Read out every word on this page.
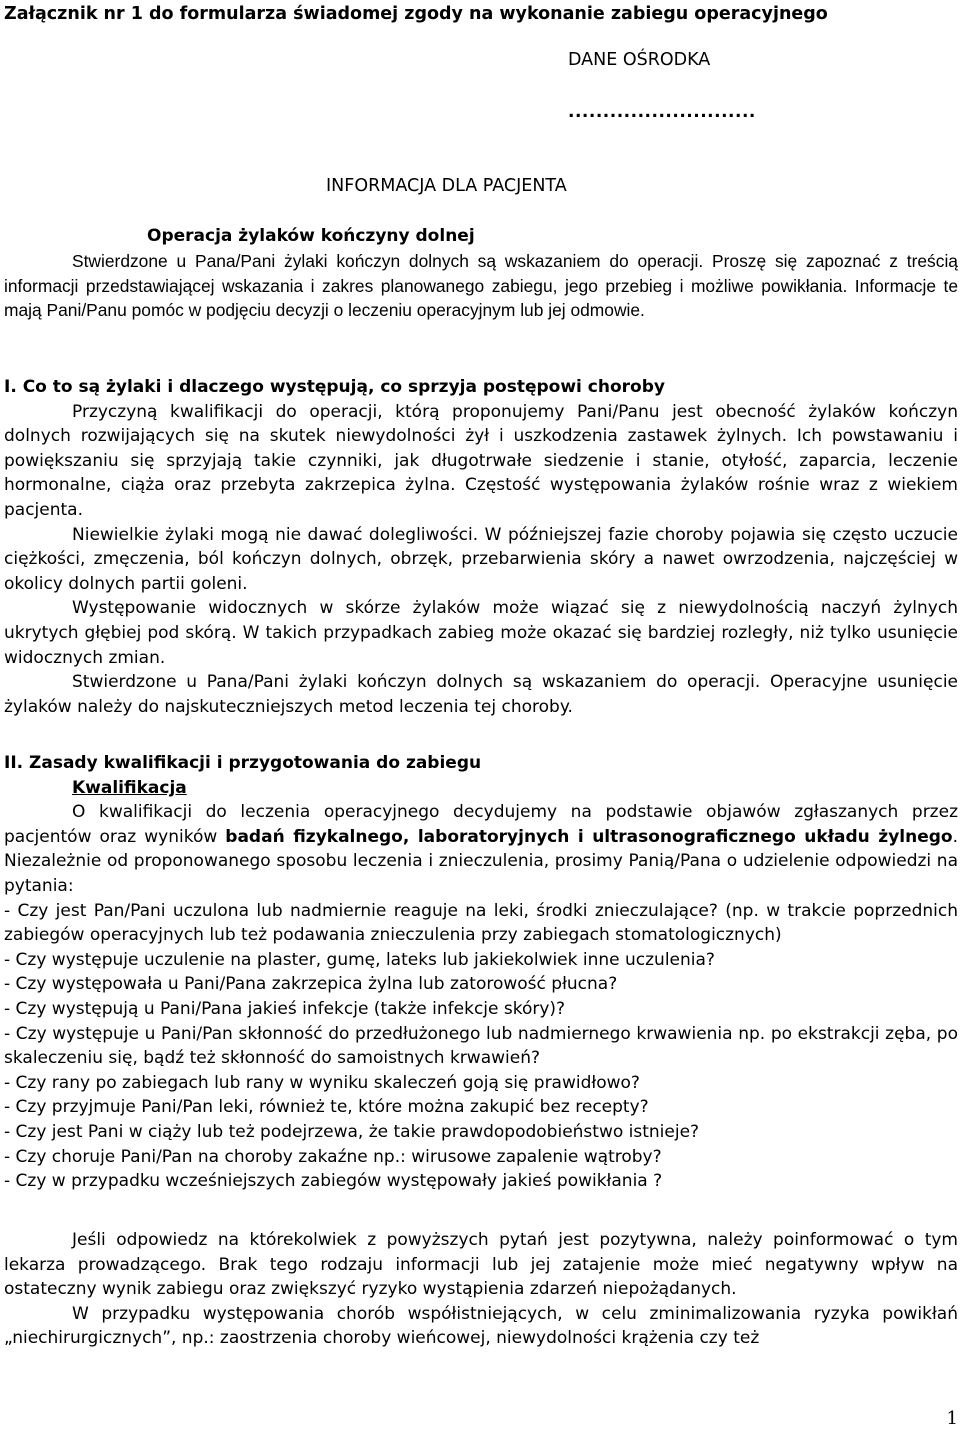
Załącznik nr 1 do formularza świadomej zgody na wykonanie zabiegu operacyjnego
DANE OŚRODKA
...........................
INFORMACJA DLA PACJENTA
Operacja żylaków kończyny dolnej
Stwierdzone u Pana/Pani żylaki kończyn dolnych są wskazaniem do operacji. Proszę się zapoznać z treścią informacji przedstawiającej wskazania i zakres planowanego zabiegu, jego przebieg i możliwe powikłania. Informacje te mają Pani/Panu pomóc w podjęciu decyzji o leczeniu operacyjnym lub jej odmowie.

I. Co to są żylaki i dlaczego występują, co sprzyja postępowi choroby

Przyczyną kwalifikacji do operacji, którą proponujemy Pani/Panu jest obecność żylaków kończyn dolnych rozwijających się na skutek niewydolności żył i uszkodzenia zastawek żylnych. Ich powstawaniu i powiększaniu się sprzyjają takie czynniki, jak długotrwałe siedzenie i stanie, otyłość, zaparcia, leczenie hormonalne, ciąża oraz przebyta zakrzepica żylna. Częstość występowania żylaków rośnie wraz z wiekiem pacjenta.

Niewielkie żylaki mogą nie dawać dolegliwości. W późniejszej fazie choroby pojawia się często uczucie ciężkości, zmęczenia, ból kończyn dolnych, obrzęk, przebarwienia skóry a nawet owrzodzenia, najczęściej w okolicy dolnych partii goleni.

Występowanie widocznych w skórze żylaków może wiązać się z niewydolnością naczyń żylnych ukrytych głębiej pod skórą. W takich przypadkach zabieg może okazać się bardziej rozległy, niż tylko usunięcie widocznych zmian.

Stwierdzone u Pana/Pani żylaki kończyn dolnych są wskazaniem do operacji. Operacyjne usunięcie żylaków należy do najskuteczniejszych metod leczenia tej choroby.

II. Zasady kwalifikacji i przygotowania do zabiegu

Kwalifikacja

O kwalifikacji do leczenia operacyjnego decydujemy na podstawie objawów zgłaszanych przez pacjentów oraz wyników badań fizykalnego, laboratoryjnych i ultrasonograficznego układu żylnego. Niezależnie od proponowanego sposobu leczenia i znieczulenia, prosimy Panią/Pana o udzielenie odpowiedzi na pytania:

- Czy jest Pan/Pani uczulona lub nadmiernie reaguje na leki, środki znieczulające? (np. w trakcie poprzednich zabiegów operacyjnych lub też podawania znieczulenia przy zabiegach stomatologicznych)

- Czy występuje uczulenie na plaster, gumę, lateks lub jakiekolwiek inne uczulenia?

- Czy występowała u Pani/Pana zakrzepica żylna lub zatorowość płucna?

- Czy występują u Pani/Pana jakieś infekcje (także infekcje skóry)?

- Czy występuje u Pani/Pan skłonność do przedłużonego lub nadmiernego krwawienia np. po ekstrakcji zęba, po skaleczeniu się, bądź też skłonność do samoistnych krwawień?

- Czy rany po zabiegach lub rany w wyniku skaleczeń goją się prawidłowo?

- Czy przyjmuje Pani/Pan leki, również te, które można zakupić bez recepty?

- Czy jest Pani w ciąży lub też podejrzewa, że takie prawdopodobieństwo istnieje?

- Czy choruje Pani/Pan na choroby zakaźne np.: wirusowe zapalenie wątroby?

- Czy w przypadku wcześniejszych zabiegów występowały jakieś powikłania ?

Jeśli odpowiedz na którekolwiek z powyższych pytań jest pozytywna, należy poinformować o tym lekarza prowadzącego. Brak tego rodzaju informacji lub jej zatajenie może mieć negatywny wpływ na ostateczny wynik zabiegu oraz zwiększyć ryzyko wystąpienia zdarzeń niepożądanych.

W przypadku występowania chorób współistniejących, w celu zminimalizowania ryzyka powikłań „niechirurgicznych”, np.: zaostrzenia choroby wieńcowej, niewydolności krążenia czy też

1
